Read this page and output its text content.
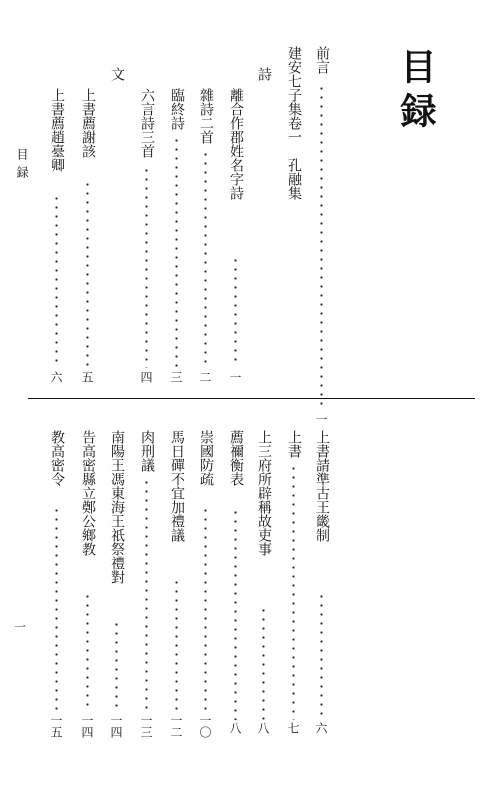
目録
目録
一
前言
一
建安七子集卷一　孔融集
詩
離合作郡姓名字詩
一
雜詩二首
二
臨終詩
三
六言詩三首
四
文
上書薦謝該
五
上書薦趙臺卿
六
上書請準古王畿制
六
上書
七
上三府所辟稱故吏事
八
薦禰衡表
八
崇國防疏
一〇
馬日磾不宜加禮議
一二
肉刑議
一三
南陽王馮東海王祇祭禮對
一四
告高密縣立鄭公鄉教
一四
教高密令
一五
